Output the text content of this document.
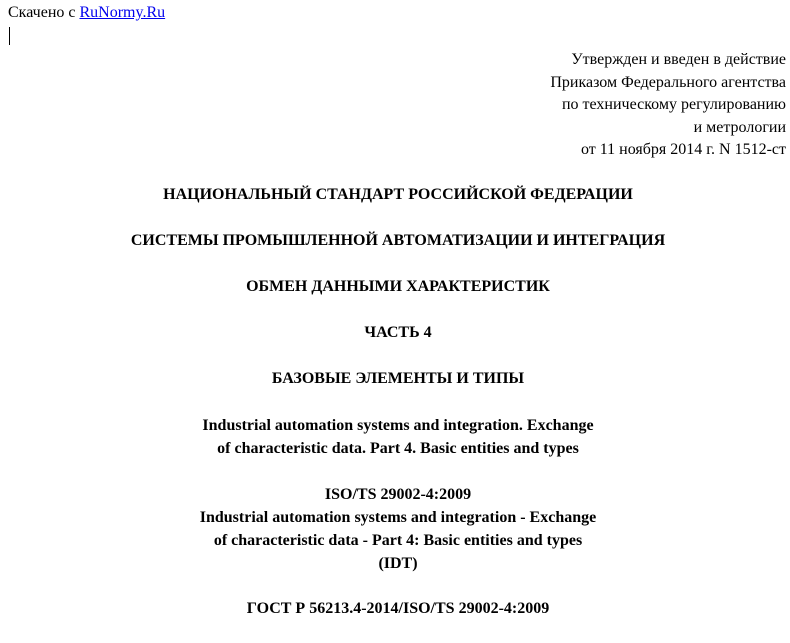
Скачено с RuNormy.Ru
Утвержден и введен в действие
Приказом Федерального агентства
по техническому регулированию
и метрологии
от 11 ноября 2014 г. N 1512-ст
НАЦИОНАЛЬНЫЙ СТАНДАРТ РОССИЙСКОЙ ФЕДЕРАЦИИ
СИСТЕМЫ ПРОМЫШЛЕННОЙ АВТОМАТИЗАЦИИ И ИНТЕГРАЦИЯ
ОБМЕН ДАННЫМИ ХАРАКТЕРИСТИК
ЧАСТЬ 4
БАЗОВЫЕ ЭЛЕМЕНТЫ И ТИПЫ
Industrial automation systems and integration. Exchange
of characteristic data. Part 4. Basic entities and types
ISO/TS 29002-4:2009
Industrial automation systems and integration - Exchange
of characteristic data - Part 4: Basic entities and types
(IDT)
ГОСТ Р 56213.4-2014/ISO/TS 29002-4:2009
